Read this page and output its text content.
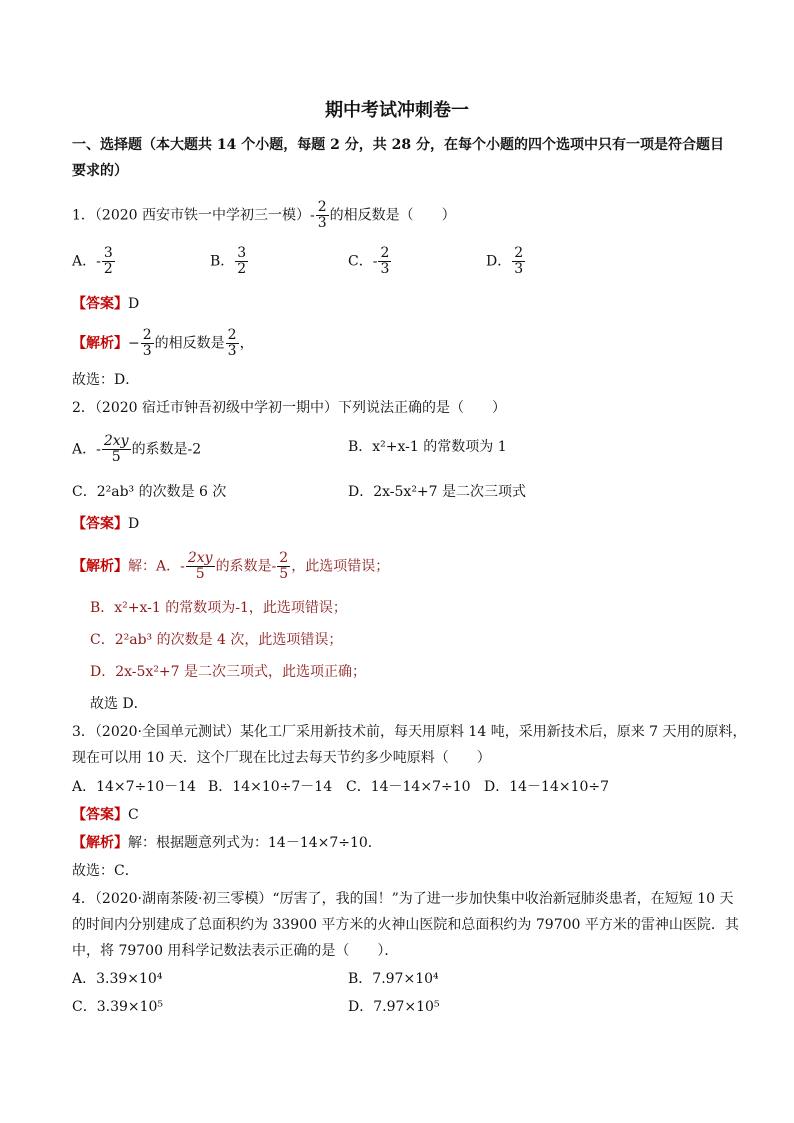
期中考试冲刺卷一
一、选择题（本大题共 14 个小题，每题 2 分，共 28 分，在每个小题的四个选项中只有一项是符合题目要求的）
1．（2020 西安市铁一中学初三一模）- $\frac{2}{3}$ 的相反数是（　　）
A．- $\frac{3}{2}$	B． $\frac{3}{2}$	C．- $\frac{2}{3}$	D． $\frac{2}{3}$
【答案】D
【解析】− $\frac{2}{3}$ 的相反数是 $\frac{2}{3}$ ，
故选：D．
2．（2020 宿迁市钟吾初级中学初一期中）下列说法正确的是（　　）
A．- $\frac{2xy}{5}$ 的系数是-2	B．x²+x-1 的常数项为 1
C．2²ab³ 的次数是 6 次	D．2x-5x²+7 是二次三项式
【答案】D
【解析】解：A．- $\frac{2xy}{5}$ 的系数是- $\frac{2}{5}$ ，此选项错误；
B．x²+x-1 的常数项为-1，此选项错误；
C．2²ab³ 的次数是 4 次，此选项错误；
D．2x-5x²+7 是二次三项式，此选项正确；
故选 D．
3．（2020·全国单元测试）某化工厂采用新技术前，每天用原料 14 吨，采用新技术后，原来 7 天用的原料，
现在可以用 10 天．这个厂现在比过去每天节约多少吨原料（　　）
A．14×7÷10－14 B．14×10÷7－14 C．14－14×7÷10 D．14－14×10÷7
【答案】C
【解析】解：根据题意列式为：14－14×7÷10．
故选：C．
4．（2020·湖南茶陵·初三零模）“厉害了，我的国！”为了进一步加快集中收治新冠肺炎患者，在短短 10 天
的时间内分别建成了总面积约为 33900 平方米的火神山医院和总面积约为 79700 平方米的雷神山医院．其
中，将 79700 用科学记数法表示正确的是（　　）．
A．3.39×10⁴	B．7.97×10⁴
C．3.39×10⁵	D．7.97×10⁵
